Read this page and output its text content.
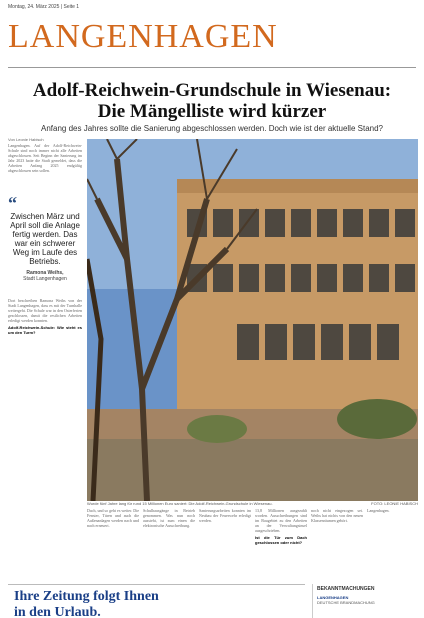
Montag, 24. März 2025 | Seite 1
LANGENHAGEN
Adolf-Reichwein-Grundschule in Wiesenau:
Die Mängelliste wird kürzer
Anfang des Jahres sollte die Sanierung abgeschlossen werden. Doch wie ist der aktuelle Stand?
Von Leonie Habisch
Langenhagen. Auf der Adolf-Reichwein-Schule sind noch immer nicht alle Arbeiten abgeschlossen. Seit Beginn der Sanierung im Jahr 2023 hatte die Stadt gemeldet, dass die Arbeiten Anfang 2025 endgültig abgeschlossen sein sollen.
“
Zwischen März und April soll die Anlage fertig werden. Das war ein schwerer Weg im Laufe des Betriebs.
Ramona Weihs,
Stadt Langenhagen
Dort beschreiben Ramona Weihs von der Stadt Langenhagen, dass es mit der Turnhalle weitergeht. Die Schule war in den Osterferien geschlossen, damit die restlichen Arbeiten erledigt werden konnten.
Adolf-Reichwein-Schule: Wie steht es um den Turm?
Wurde fünf Jahre lang für rund 15 Millionen Euro saniert: Die Adolf-Reichwein-Grundschule in Wiesenau.	FOTO: LEONIE HABISCH
Dach, und so geht es weiter. Die Fenster, Türen und auch die Außenanlagen werden nach und nach erneuert.
Schulhausgänge in Betrieb genommen. Was nun noch aussteht, ist zum einen die elektronische Ausschreibung.
Sanierungsarbeiten konnten im Neubau der Feuerwehr erledigt werden.
13,8 Millionen ausgezahlt worden. Ausschreibungen sind im Baugebiet zu den Arbeiten an der Verwaltungsinsel ausgeschrieben.
Ist die Tür zum Dach geschlossen oder nicht?
noch nicht eingezogen sei. Weihs hat nichts von den neuen Klassenräumen gehört.
Langenhagen.
Ihre Zeitung folgt Ihnen
in den Urlaub.
BEKANNTMACHUNGEN
LANGENHAGEN
DEUTSCHE BRANDMACHUNG
